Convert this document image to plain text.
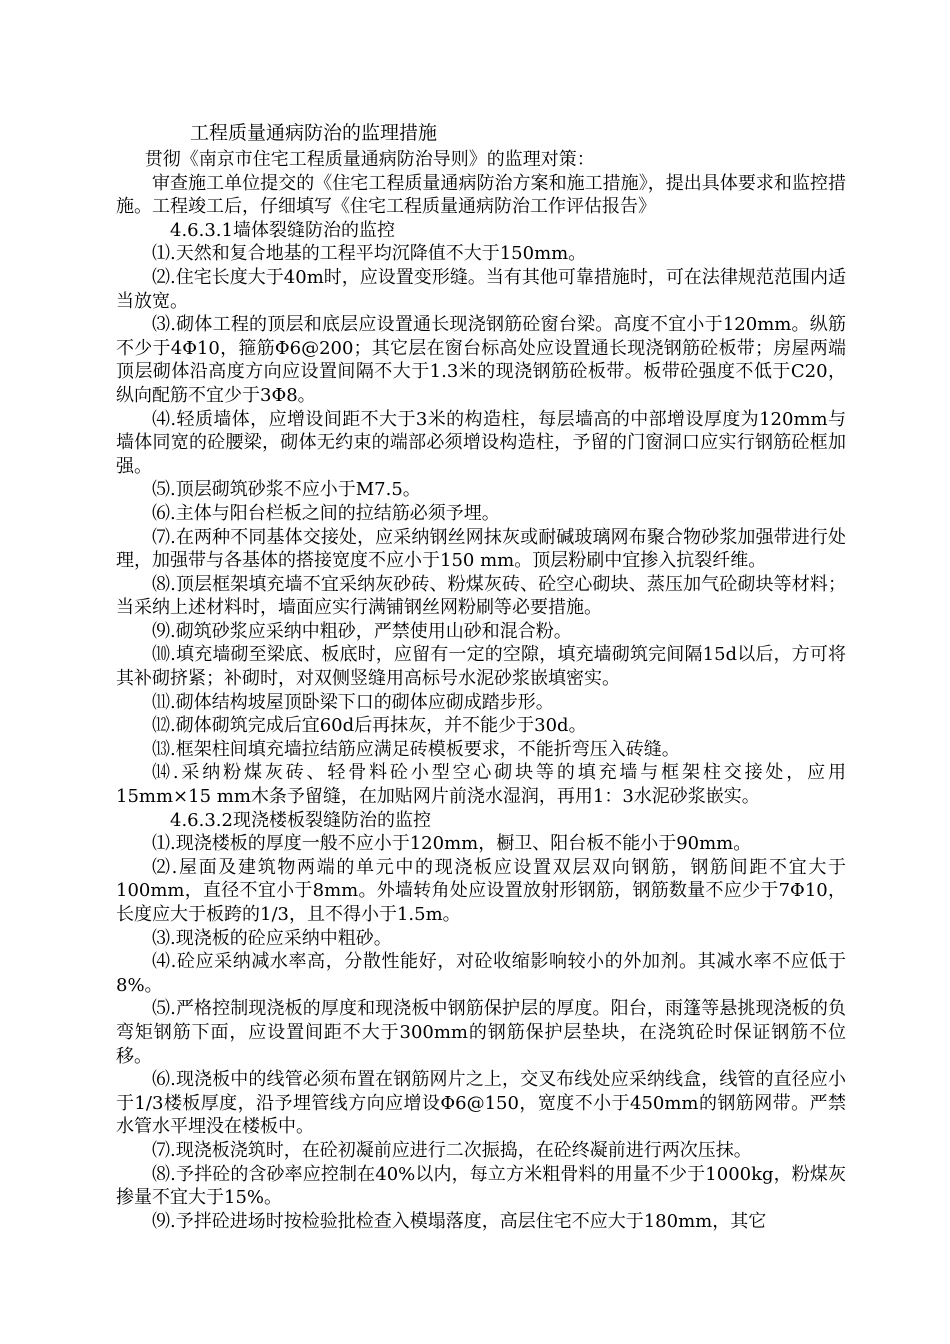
工程质量通病防治的监理措施

贯彻《南京市住宅工程质量通病防治导则》的监理对策：

审查施工单位提交的《住宅工程质量通病防治方案和施工措施》，提出具体要求和监控措施。工程竣工后，仔细填写《住宅工程质量通病防治工作评估报告》

4.6.3.1墙体裂缝防治的监控

⑴.天然和复合地基的工程平均沉降值不大于150mm。

⑵.住宅长度大于40m时，应设置变形缝。当有其他可靠措施时，可在法律规范范围内适当放宽。

⑶.砌体工程的顶层和底层应设置通长现浇钢筋砼窗台梁。高度不宜小于120mm。纵筋不少于4Φ10，箍筋Φ6@200；其它层在窗台标高处应设置通长现浇钢筋砼板带；房屋两端顶层砌体沿高度方向应设置间隔不大于1.3米的现浇钢筋砼板带。板带砼强度不低于C20，纵向配筋不宜少于3Φ8。

⑷.轻质墙体，应增设间距不大于3米的构造柱，每层墙高的中部增设厚度为120mm与墙体同宽的砼腰梁，砌体无约束的端部必须增设构造柱，予留的门窗洞口应实行钢筋砼框加强。

⑸.顶层砌筑砂浆不应小于M7.5。

⑹.主体与阳台栏板之间的拉结筋必须予埋。

⑺.在两种不同基体交接处，应采纳钢丝网抹灰或耐碱玻璃网布聚合物砂浆加强带进行处理，加强带与各基体的搭接宽度不应小于150 mm。顶层粉刷中宜掺入抗裂纤维。

⑻.顶层框架填充墙不宜采纳灰砂砖、粉煤灰砖、砼空心砌块、蒸压加气砼砌块等材料；当采纳上述材料时，墙面应实行满铺钢丝网粉刷等必要措施。

⑼.砌筑砂浆应采纳中粗砂，严禁使用山砂和混合粉。

⑽.填充墙砌至梁底、板底时，应留有一定的空隙，填充墙砌筑完间隔15d以后，方可将其补砌挤紧；补砌时，对双侧竖缝用高标号水泥砂浆嵌填密实。

⑾.砌体结构坡屋顶卧梁下口的砌体应砌成踏步形。

⑿.砌体砌筑完成后宜60d后再抹灰，并不能少于30d。

⒀.框架柱间填充墙拉结筋应满足砖模板要求，不能折弯压入砖缝。

⒁.采纳粉煤灰砖、轻骨料砼小型空心砌块等的填充墙与框架柱交接处，应用15mm×15 mm木条予留缝，在加贴网片前浇水湿润，再用1：3水泥砂浆嵌实。

4.6.3.2现浇楼板裂缝防治的监控

⑴.现浇楼板的厚度一般不应小于120mm，橱卫、阳台板不能小于90mm。

⑵.屋面及建筑物两端的单元中的现浇板应设置双层双向钢筋，钢筋间距不宜大于100mm，直径不宜小于8mm。外墙转角处应设置放射形钢筋，钢筋数量不应少于7Φ10，长度应大于板跨的1/3，且不得小于1.5m。

⑶.现浇板的砼应采纳中粗砂。

⑷.砼应采纳减水率高，分散性能好，对砼收缩影响较小的外加剂。其减水率不应低于8%。

⑸.严格控制现浇板的厚度和现浇板中钢筋保护层的厚度。阳台，雨篷等悬挑现浇板的负弯矩钢筋下面，应设置间距不大于300mm的钢筋保护层垫块，在浇筑砼时保证钢筋不位移。

⑹.现浇板中的线管必须布置在钢筋网片之上，交叉布线处应采纳线盒，线管的直径应小于1/3楼板厚度，沿予埋管线方向应增设Φ6@150，宽度不小于450mm的钢筋网带。严禁水管水平埋没在楼板中。

⑺.现浇板浇筑时，在砼初凝前应进行二次振捣，在砼终凝前进行两次压抹。

⑻.予拌砼的含砂率应控制在40%以内，每立方米粗骨料的用量不少于1000kg，粉煤灰掺量不宜大于15%。

⑼.予拌砼进场时按检验批检查入模塌落度，高层住宅不应大于180mm，其它
